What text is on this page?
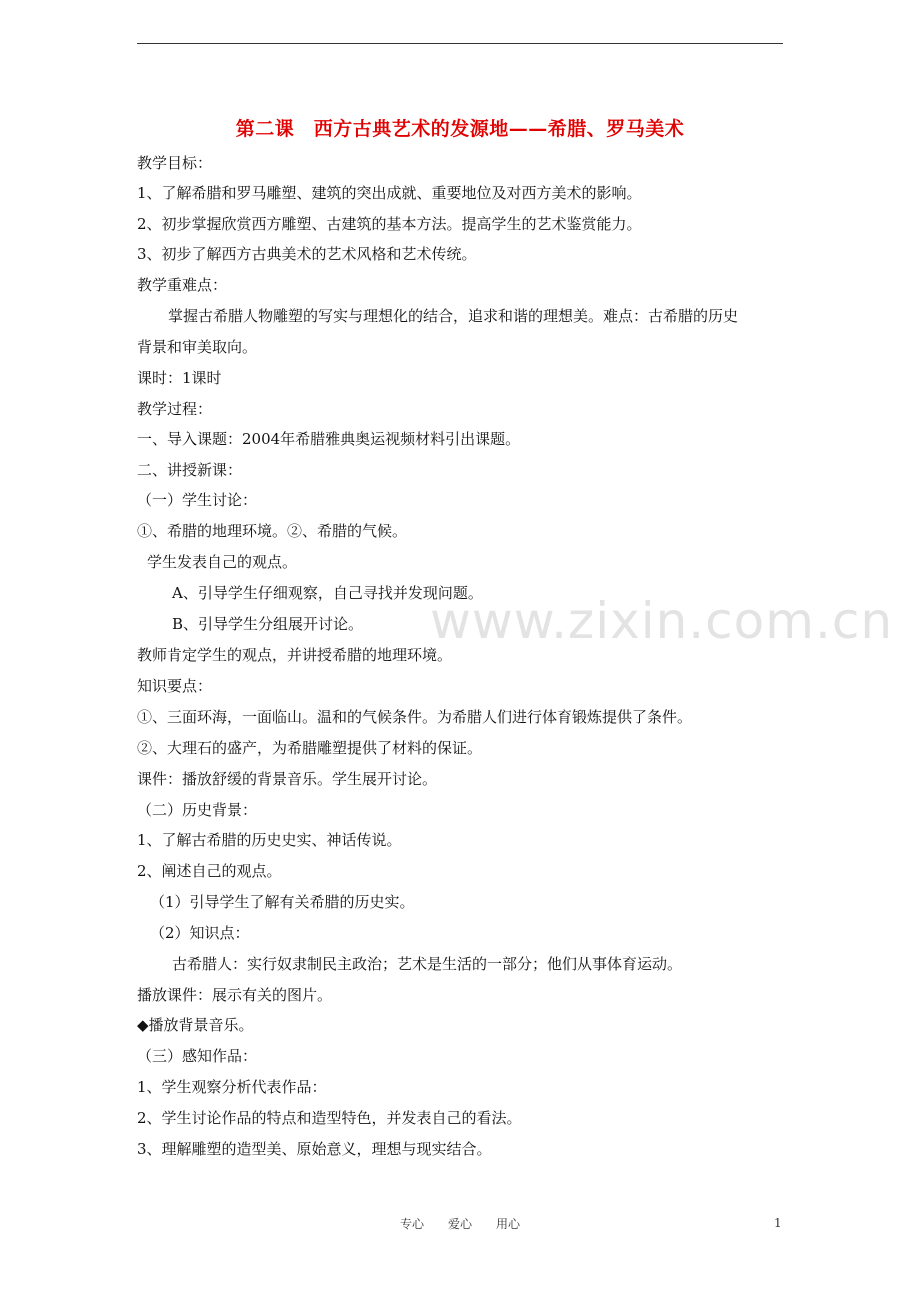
www.zixin.com.cn
第二课　西方古典艺术的发源地——希腊、罗马美术
教学目标：
1、了解希腊和罗马雕塑、建筑的突出成就、重要地位及对西方美术的影响。
2、初步掌握欣赏西方雕塑、古建筑的基本方法。提高学生的艺术鉴赏能力。
3、初步了解西方古典美术的艺术风格和艺术传统。
教学重难点：
掌握古希腊人物雕塑的写实与理想化的结合，追求和谐的理想美。难点：古希腊的历史
背景和审美取向。
课时：1课时
教学过程：
一、导入课题：2004年希腊雅典奥运视频材料引出课题。
二、讲授新课：
（一）学生讨论：
①、希腊的地理环境。②、希腊的气候。
学生发表自己的观点。
A、引导学生仔细观察，自己寻找并发现问题。
B、引导学生分组展开讨论。
教师肯定学生的观点，并讲授希腊的地理环境。
知识要点：
①、三面环海，一面临山。温和的气候条件。为希腊人们进行体育锻炼提供了条件。
②、大理石的盛产，为希腊雕塑提供了材料的保证。
课件：播放舒缓的背景音乐。学生展开讨论。
（二）历史背景：
1、了解古希腊的历史史实、神话传说。
2、阐述自己的观点。
（1）引导学生了解有关希腊的历史实。
（2）知识点：
古希腊人：实行奴隶制民主政治；艺术是生活的一部分；他们从事体育运动。
播放课件：展示有关的图片。
◆播放背景音乐。
（三）感知作品：
1、学生观察分析代表作品：
2、学生讨论作品的特点和造型特色，并发表自己的看法。
3、理解雕塑的造型美、原始意义，理想与现实结合。
专心　　爱心　　用心	1
